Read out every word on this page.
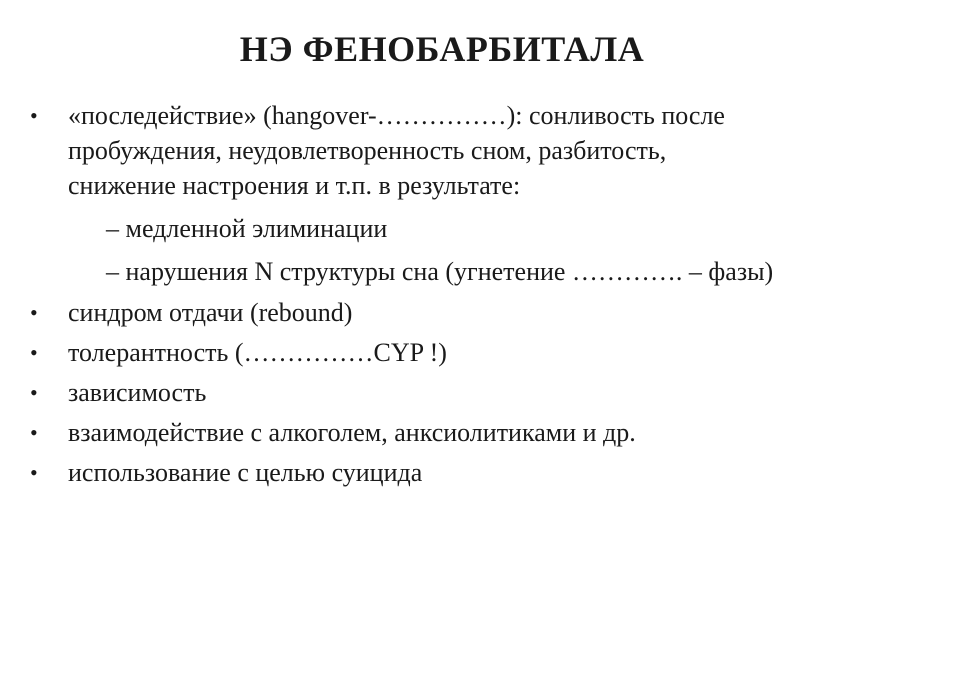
НЭ ФЕНОБАРБИТАЛА
• «последействие» (hangover-……………): сонливость после
пробуждения, неудовлетворенность сном, разбитость,
снижение настроения и т.п. в результате:
– медленной элиминации
– нарушения N структуры сна (угнетение …………. – фазы)
• синдром отдачи (rebound)
• толерантность (……………CYP !)
• зависимость
• взаимодействие с алкоголем, анксиолитиками и др.
• использование с целью суицида
